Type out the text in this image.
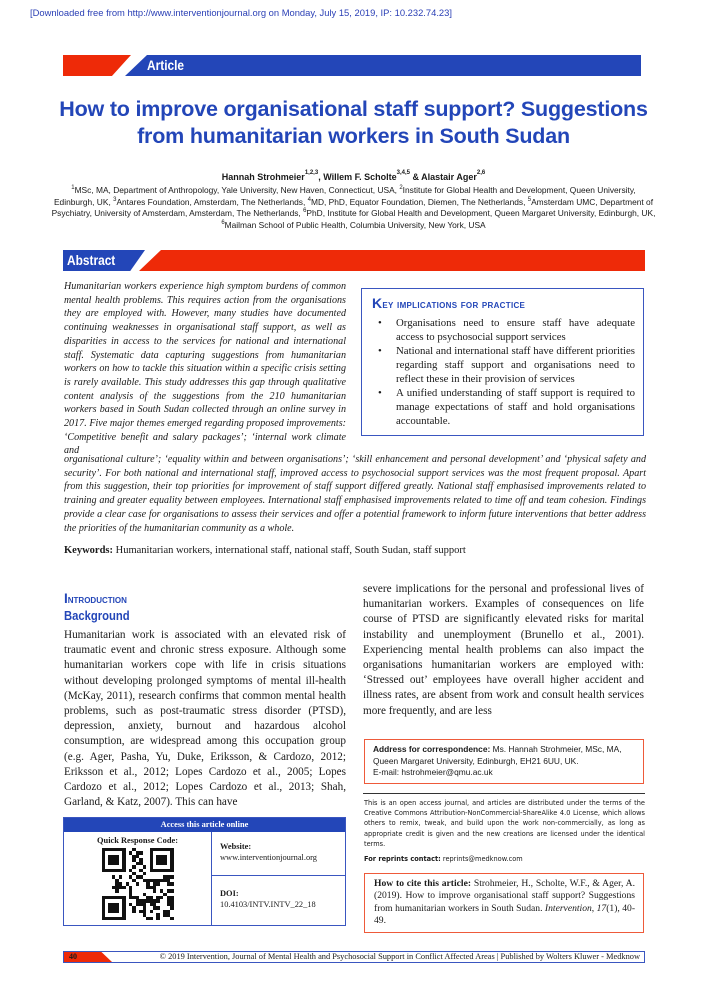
[Downloaded free from http://www.interventionjournal.org on Monday, July 15, 2019, IP: 10.232.74.23]
Article
How to improve organisational staff support? Suggestions from humanitarian workers in South Sudan
Hannah Strohmeier$^{1,2,3}$, Willem F. Scholte$^{3,4,5}$ & Alastair Ager$^{2,6}$
$^1$MSc, MA, Department of Anthropology, Yale University, New Haven, Connecticut, USA, $^2$Institute for Global Health and Development, Queen University, Edinburgh, UK, $^3$Antares Foundation, Amsterdam, The Netherlands, $^4$MD, PhD, Equator Foundation, Diemen, The Netherlands, $^5$Amsterdam UMC, Department of Psychiatry, University of Amsterdam, Amsterdam, The Netherlands, $^6$PhD, Institute for Global Health and Development, Queen Margaret University, Edinburgh, UK, $^6$Mailman School of Public Health, Columbia University, New York, USA
Abstract
Humanitarian workers experience high symptom burdens of common mental health problems. This requires action from the organisations they are employed with. However, many studies have documented continuing weaknesses in organisational staff support, as well as disparities in access to the services for national and international staff. Systematic data capturing suggestions from humanitarian workers on how to tackle this situation within a specific crisis setting is rarely available. This study addresses this gap through qualitative content analysis of the suggestions from the 210 humanitarian workers based in South Sudan collected through an online survey in 2017. Five major themes emerged regarding proposed improvements: ‘Competitive benefit and salary packages’; ‘internal work climate and
Key implications for practice
• Organisations need to ensure staff have adequate access to psychosocial support services
• National and international staff have different priorities regarding staff support and organisations need to reflect these in their provision of services
• A unified understanding of staff support is required to manage expectations of staff and hold organisations accountable.
organisational culture’; ‘equality within and between organisations’; ‘skill enhancement and personal development’ and ‘physical safety and security’. For both national and international staff, improved access to psychosocial support services was the most frequent proposal. Apart from this suggestion, their top priorities for improvement of staff support differed greatly. National staff emphasised improvements related to training and greater equality between employees. International staff emphasised improvements related to time off and team cohesion. Findings provide a clear case for organisations to assess their services and offer a potential framework to inform future interventions that better address the priorities of the humanitarian community as a whole.
Keywords: Humanitarian workers, international staff, national staff, South Sudan, staff support
Introduction
Background
Humanitarian work is associated with an elevated risk of traumatic event and chronic stress exposure. Although some humanitarian workers cope with life in crisis situations without developing prolonged symptoms of mental ill-health (McKay, 2011), research confirms that common mental health problems, such as post-traumatic stress disorder (PTSD), depression, anxiety, burnout and hazardous alcohol consumption, are widespread among this occupation group (e.g. Ager, Pasha, Yu, Duke, Eriksson, & Cardozo, 2012; Eriksson et al., 2012; Lopes Cardozo et al., 2005; Lopes Cardozo et al., 2012; Lopes Cardozo et al., 2013; Shah, Garland, & Katz, 2007). This can have
severe implications for the personal and professional lives of humanitarian workers. Examples of consequences on life course of PTSD are significantly elevated risks for marital instability and unemployment (Brunello et al., 2001). Experiencing mental health problems can also impact the organisations humanitarian workers are employed with: ‘Stressed out’ employees have overall higher accident and illness rates, are absent from work and consult health services more frequently, and are less
Access this article online
Quick Response Code:
Website:
www.interventionjournal.org
DOI:
10.4103/INTV.INTV_22_18
Address for correspondence: Ms. Hannah Strohmeier, MSc, MA, Queen Margaret University, Edinburgh, EH21 6UU, UK.
E-mail: hstrohmeier@qmu.ac.uk
This is an open access journal, and articles are distributed under the terms of the Creative Commons Attribution-NonCommercial-ShareAlike 4.0 License, which allows others to remix, tweak, and build upon the work non-commercially, as long as appropriate credit is given and the new creations are licensed under the identical terms.
For reprints contact: reprints@medknow.com
How to cite this article: Strohmeier, H., Scholte, W.F., & Ager, A. (2019). How to improve organisational staff support? Suggestions from humanitarian workers in South Sudan. Intervention, 17(1), 40-49.
40	© 2019 Intervention, Journal of Mental Health and Psychosocial Support in Conflict Affected Areas | Published by Wolters Kluwer - Medknow
